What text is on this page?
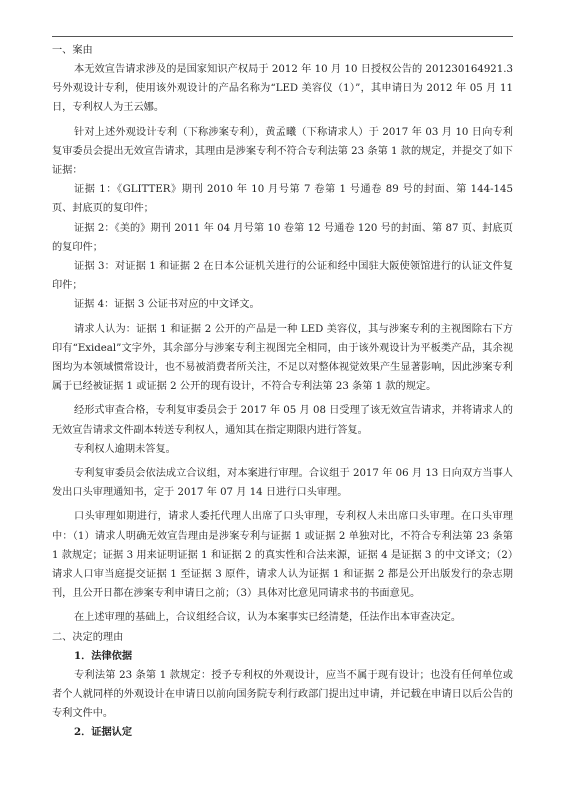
一、案由

本无效宣告请求涉及的是国家知识产权局于 2012 年 10 月 10 日授权公告的 201230164921.3 号外观设计专利，使用该外观设计的产品名称为“LED 美容仪（1）”，其申请日为 2012 年 05 月 11 日，专利权人为王云娜。

针对上述外观设计专利（下称涉案专利），黄孟曦（下称请求人）于 2017 年 03 月 10 日向专利复审委员会提出无效宣告请求，其理由是涉案专利不符合专利法第 23 条第 1 款的规定，并提交了如下证据：

证据 1：《GLITTER》期刊 2010 年 10 月号第 7 卷第 1 号通卷 89 号的封面、第 144-145 页、封底页的复印件；

证据 2：《美的》期刊 2011 年 04 月号第 10 卷第 12 号通卷 120 号的封面、第 87 页、封底页的复印件；

证据 3：对证据 1 和证据 2 在日本公证机关进行的公证和经中国驻大阪使领馆进行的认证文件复印件；

证据 4：证据 3 公证书对应的中文译文。

请求人认为：证据 1 和证据 2 公开的产品是一种 LED 美容仪，其与涉案专利的主视图除右下方印有“Exideal”文字外，其余部分与涉案专利主视图完全相同，由于该外观设计为平板类产品，其余视图均为本领域惯常设计，也不易被消费者所关注，不足以对整体视觉效果产生显著影响，因此涉案专利属于已经被证据 1 或证据 2 公开的现有设计，不符合专利法第 23 条第 1 款的规定。

经形式审查合格，专利复审委员会于 2017 年 05 月 08 日受理了该无效宣告请求，并将请求人的无效宣告请求文件副本转送专利权人，通知其在指定期限内进行答复。

专利权人逾期未答复。

专利复审委员会依法成立合议组，对本案进行审理。合议组于 2017 年 06 月 13 日向双方当事人发出口头审理通知书，定于 2017 年 07 月 14 日进行口头审理。

口头审理如期进行，请求人委托代理人出席了口头审理，专利权人未出席口头审理。在口头审理中：（1）请求人明确无效宣告理由是涉案专利与证据 1 或证据 2 单独对比，不符合专利法第 23 条第 1 款规定；证据 3 用来证明证据 1 和证据 2 的真实性和合法来源，证据 4 是证据 3 的中文译文；（2）请求人口审当庭提交证据 1 至证据 3 原件，请求人认为证据 1 和证据 2 都是公开出版发行的杂志期刊，且公开日都在涉案专利申请日之前；（3）具体对比意见同请求书的书面意见。

在上述审理的基础上，合议组经合议，认为本案事实已经清楚，任法作出本审查决定。

二、决定的理由

1．法律依据

专利法第 23 条第 1 款规定：授予专利权的外观设计，应当不属于现有设计；也没有任何单位或者个人就同样的外观设计在申请日以前向国务院专利行政部门提出过申请，并记载在申请日以后公告的专利文件中。

2．证据认定
